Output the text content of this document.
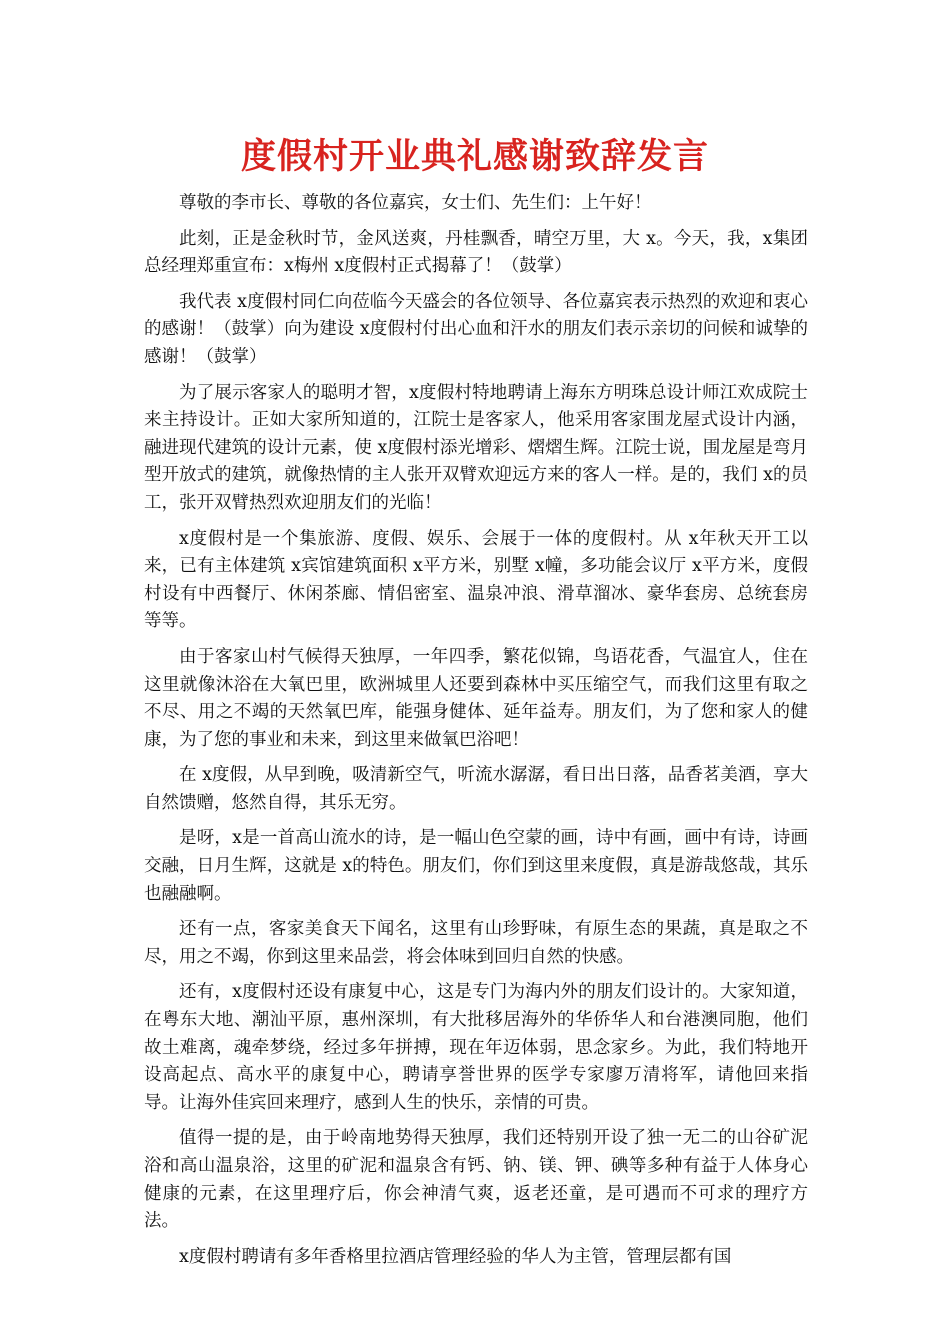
度假村开业典礼感谢致辞发言

尊敬的李市长、尊敬的各位嘉宾，女士们、先生们：上午好！

此刻，正是金秋时节，金风送爽，丹桂飘香，晴空万里，大 x。今天，我，x集团总经理郑重宣布：x梅州 x度假村正式揭幕了！（鼓掌）

我代表 x度假村同仁向莅临今天盛会的各位领导、各位嘉宾表示热烈的欢迎和衷心的感谢！（鼓掌）向为建设 x度假村付出心血和汗水的朋友们表示亲切的问候和诚挚的感谢！（鼓掌）

为了展示客家人的聪明才智，x度假村特地聘请上海东方明珠总设计师江欢成院士来主持设计。正如大家所知道的，江院士是客家人，他采用客家围龙屋式设计内涵，融进现代建筑的设计元素，使 x度假村添光增彩、熠熠生辉。江院士说，围龙屋是弯月型开放式的建筑，就像热情的主人张开双臂欢迎远方来的客人一样。是的，我们 x的员工，张开双臂热烈欢迎朋友们的光临！

x度假村是一个集旅游、度假、娱乐、会展于一体的度假村。从 x年秋天开工以来，已有主体建筑 x宾馆建筑面积 x平方米，别墅 x幢，多功能会议厅 x平方米，度假村设有中西餐厅、休闲茶廊、情侣密室、温泉冲浪、滑草溜冰、豪华套房、总统套房等等。

由于客家山村气候得天独厚，一年四季，繁花似锦，鸟语花香，气温宜人，住在这里就像沐浴在大氧巴里，欧洲城里人还要到森林中买压缩空气，而我们这里有取之不尽、用之不竭的天然氧巴库，能强身健体、延年益寿。朋友们，为了您和家人的健康，为了您的事业和未来，到这里来做氧巴浴吧！

在 x度假，从早到晚，吸清新空气，听流水潺潺，看日出日落，品香茗美酒，享大自然馈赠，悠然自得，其乐无穷。

是呀，x是一首高山流水的诗，是一幅山色空蒙的画，诗中有画，画中有诗，诗画交融，日月生辉，这就是 x的特色。朋友们，你们到这里来度假，真是游哉悠哉，其乐也融融啊。

还有一点，客家美食天下闻名，这里有山珍野味，有原生态的果蔬，真是取之不尽，用之不竭，你到这里来品尝，将会体味到回归自然的快感。

还有，x度假村还设有康复中心，这是专门为海内外的朋友们设计的。大家知道，在粤东大地、潮汕平原，惠州深圳，有大批移居海外的华侨华人和台港澳同胞，他们故土难离，魂牵梦绕，经过多年拼搏，现在年迈体弱，思念家乡。为此，我们特地开设高起点、高水平的康复中心，聘请享誉世界的医学专家廖万清将军，请他回来指导。让海外佳宾回来理疗，感到人生的快乐，亲情的可贵。

值得一提的是，由于岭南地势得天独厚，我们还特别开设了独一无二的山谷矿泥浴和高山温泉浴，这里的矿泥和温泉含有钙、钠、镁、钾、碘等多种有益于人体身心健康的元素，在这里理疗后，你会神清气爽，返老还童，是可遇而不可求的理疗方法。

x度假村聘请有多年香格里拉酒店管理经验的华人为主管，管理层都有国
